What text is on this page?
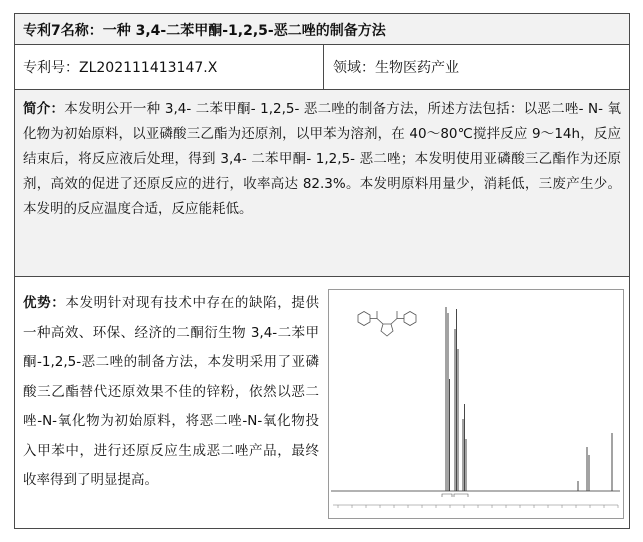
专利7名称：一种 3,4-二苯甲酮-1,2,5-恶二唑的制备方法
专利号：ZL202111413147.X	领域：生物医药产业
简介：本发明公开一种 3,4- 二苯甲酮- 1,2,5- 恶二唑的制备方法，所述方法包括：以恶二唑- N- 氧化物为初始原料，以亚磷酸三乙酯为还原剂，以甲苯为溶剂，在 40～80℃搅拌反应 9～14h，反应结束后，将反应液后处理，得到 3,4- 二苯甲酮- 1,2,5- 恶二唑；本发明使用亚磷酸三乙酯作为还原剂，高效的促进了还原反应的进行，收率高达 82.3%。本发明原料用量少，消耗低，三废产生少。本发明的反应温度合适，反应能耗低。
优势：本发明针对现有技术中存在的缺陷，提供一种高效、环保、经济的二酮衍生物 3,4-二苯甲酮-1,2,5-恶二唑的制备方法，本发明采用了亚磷酸三乙酯替代还原效果不佳的锌粉，依然以恶二唑-N-氧化物为初始原料，将恶二唑-N-氧化物投入甲苯中，进行还原反应生成恶二唑产品，最终收率得到了明显提高。
